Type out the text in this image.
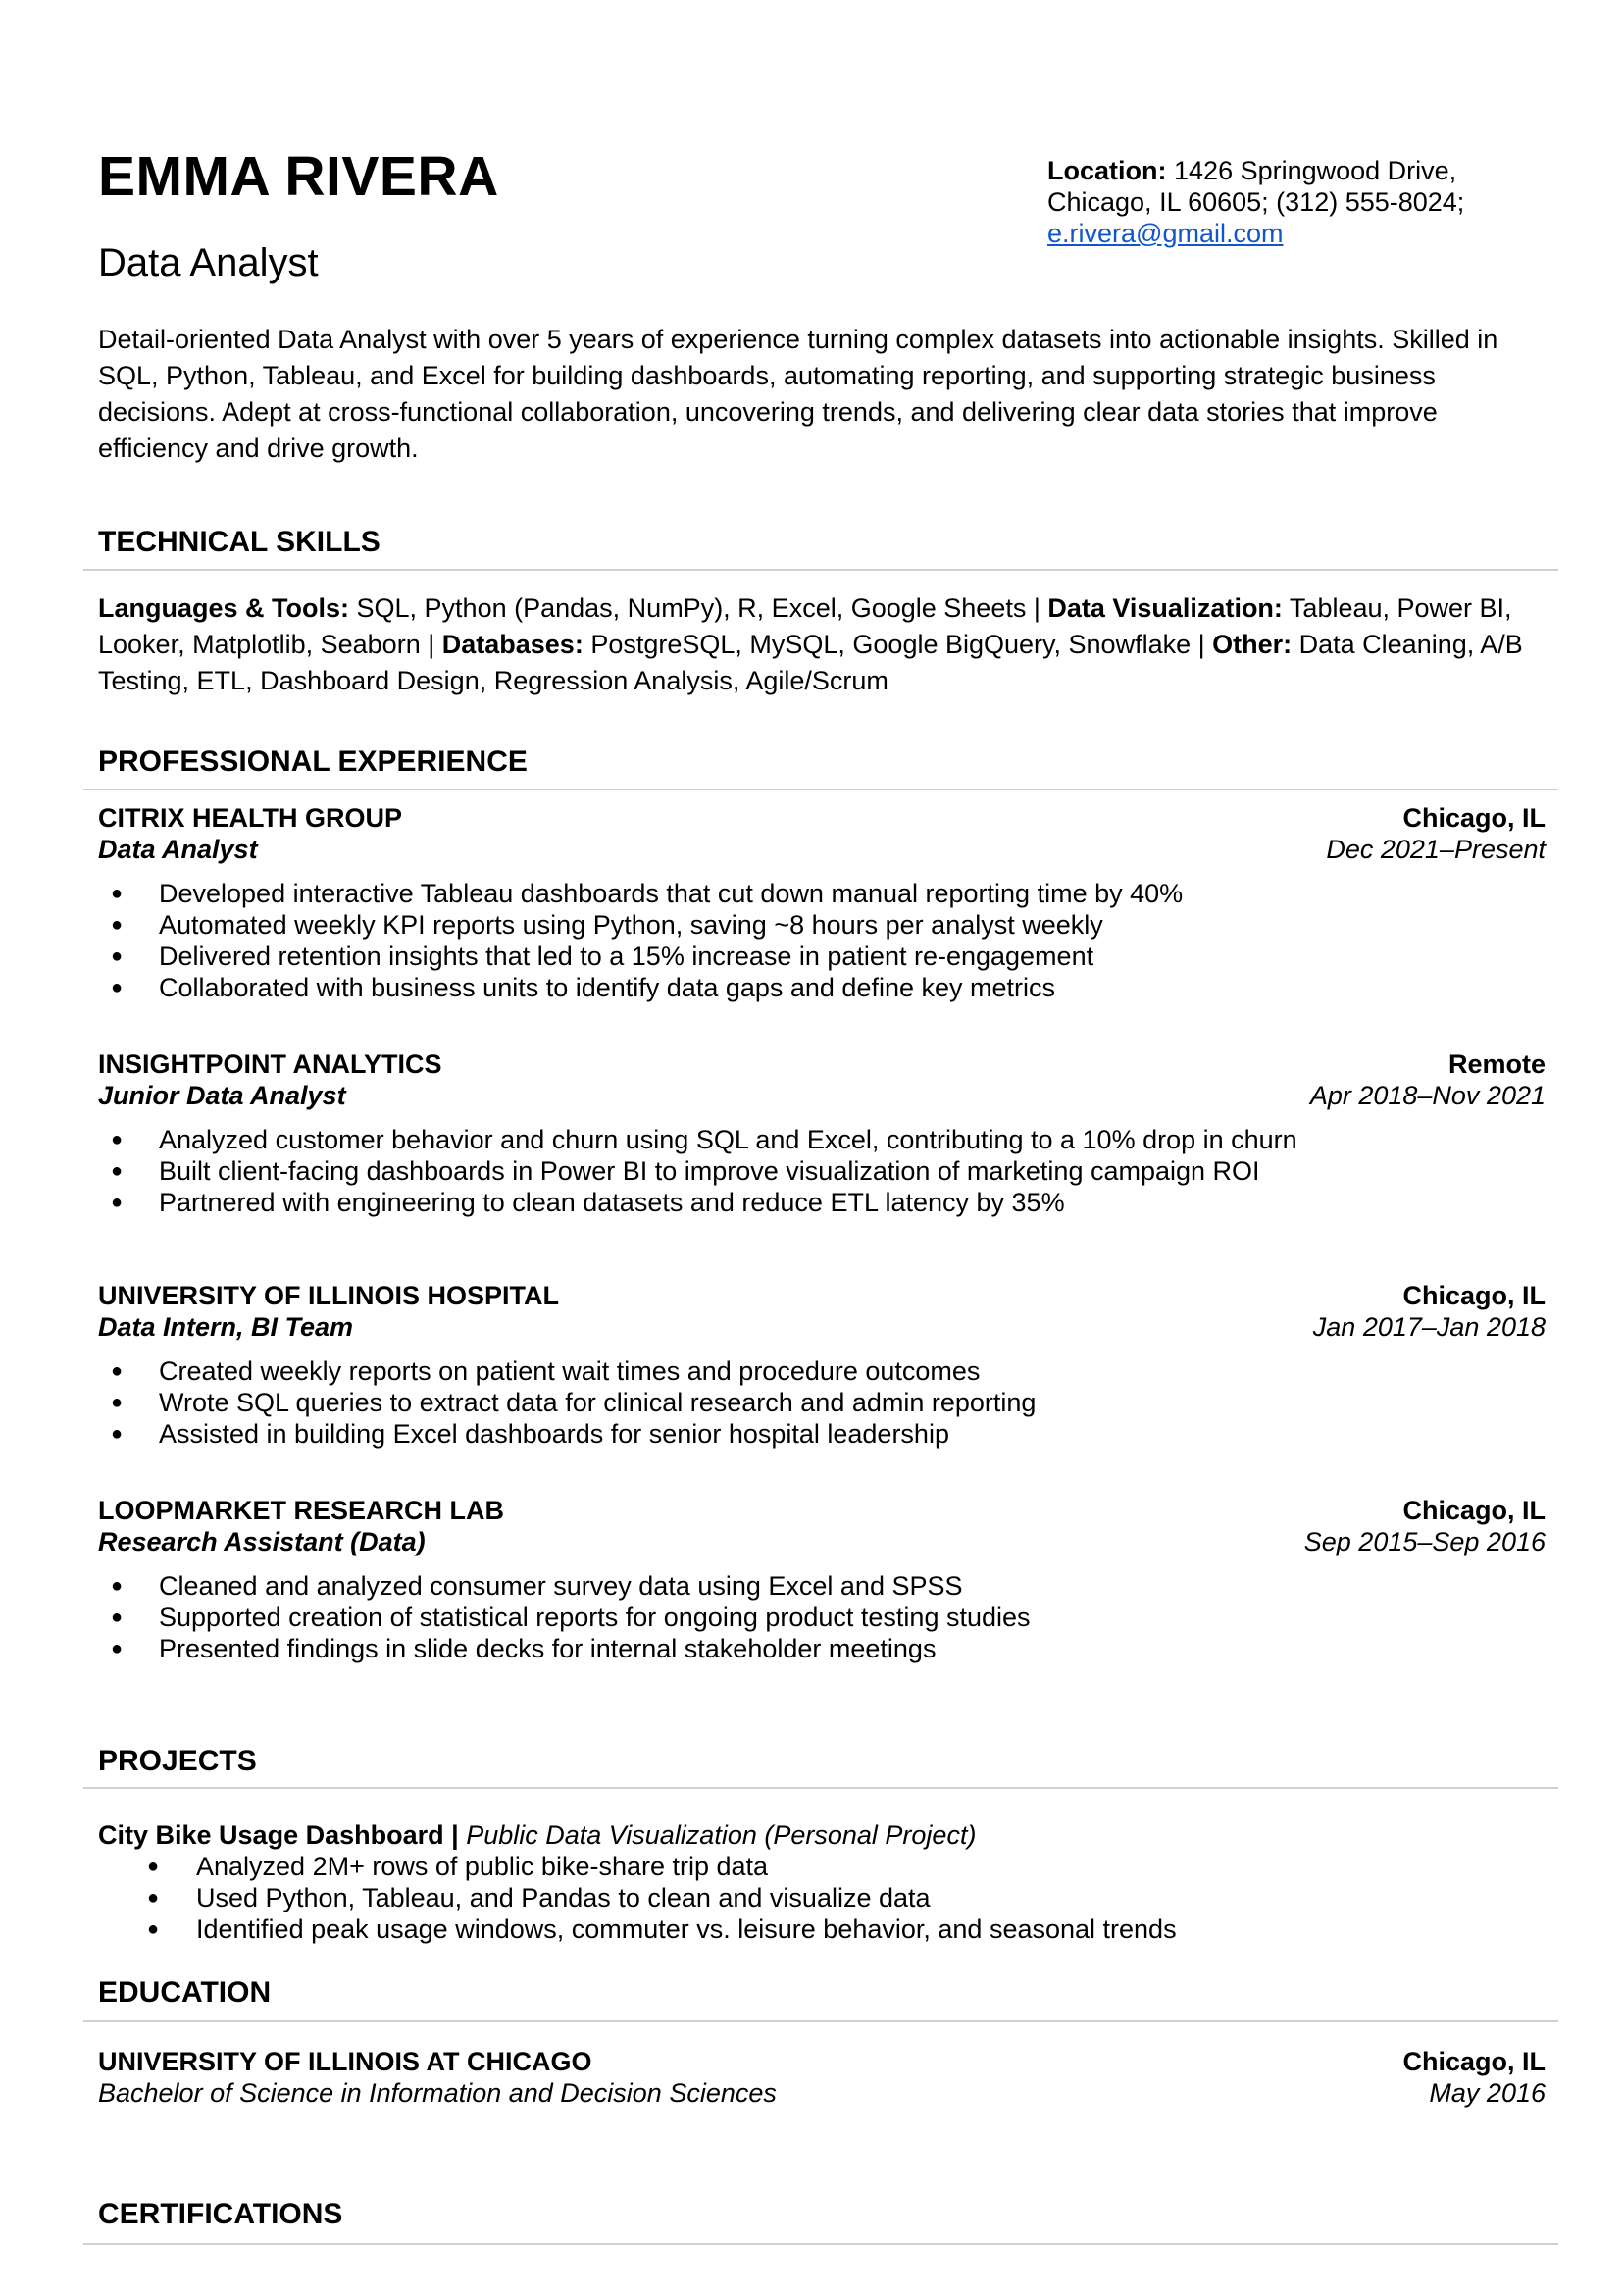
EMMA RIVERA
Data Analyst
Location: 1426 Springwood Drive,
Chicago, IL 60605; (312) 555-8024;
e.rivera@gmail.com
Detail-oriented Data Analyst with over 5 years of experience turning complex datasets into actionable insights. Skilled in SQL, Python, Tableau, and Excel for building dashboards, automating reporting, and supporting strategic business decisions. Adept at cross-functional collaboration, uncovering trends, and delivering clear data stories that improve efficiency and drive growth.
TECHNICAL SKILLS
Languages & Tools: SQL, Python (Pandas, NumPy), R, Excel, Google Sheets | Data Visualization: Tableau, Power BI, Looker, Matplotlib, Seaborn | Databases: PostgreSQL, MySQL, Google BigQuery, Snowflake | Other: Data Cleaning, A/B Testing, ETL, Dashboard Design, Regression Analysis, Agile/Scrum
PROFESSIONAL EXPERIENCE
CITRIX HEALTH GROUP	Chicago, IL
Data Analyst	Dec 2021–Present
● Developed interactive Tableau dashboards that cut down manual reporting time by 40%
● Automated weekly KPI reports using Python, saving ~8 hours per analyst weekly
● Delivered retention insights that led to a 15% increase in patient re-engagement
● Collaborated with business units to identify data gaps and define key metrics
INSIGHTPOINT ANALYTICS	Remote
Junior Data Analyst	Apr 2018–Nov 2021
● Analyzed customer behavior and churn using SQL and Excel, contributing to a 10% drop in churn
● Built client-facing dashboards in Power BI to improve visualization of marketing campaign ROI
● Partnered with engineering to clean datasets and reduce ETL latency by 35%
UNIVERSITY OF ILLINOIS HOSPITAL	Chicago, IL
Data Intern, BI Team	Jan 2017–Jan 2018
● Created weekly reports on patient wait times and procedure outcomes
● Wrote SQL queries to extract data for clinical research and admin reporting
● Assisted in building Excel dashboards for senior hospital leadership
LOOPMARKET RESEARCH LAB	Chicago, IL
Research Assistant (Data)	Sep 2015–Sep 2016
● Cleaned and analyzed consumer survey data using Excel and SPSS
● Supported creation of statistical reports for ongoing product testing studies
● Presented findings in slide decks for internal stakeholder meetings
PROJECTS
City Bike Usage Dashboard | Public Data Visualization (Personal Project)
● Analyzed 2M+ rows of public bike-share trip data
● Used Python, Tableau, and Pandas to clean and visualize data
● Identified peak usage windows, commuter vs. leisure behavior, and seasonal trends
EDUCATION
UNIVERSITY OF ILLINOIS AT CHICAGO	Chicago, IL
Bachelor of Science in Information and Decision Sciences	May 2016
CERTIFICATIONS
